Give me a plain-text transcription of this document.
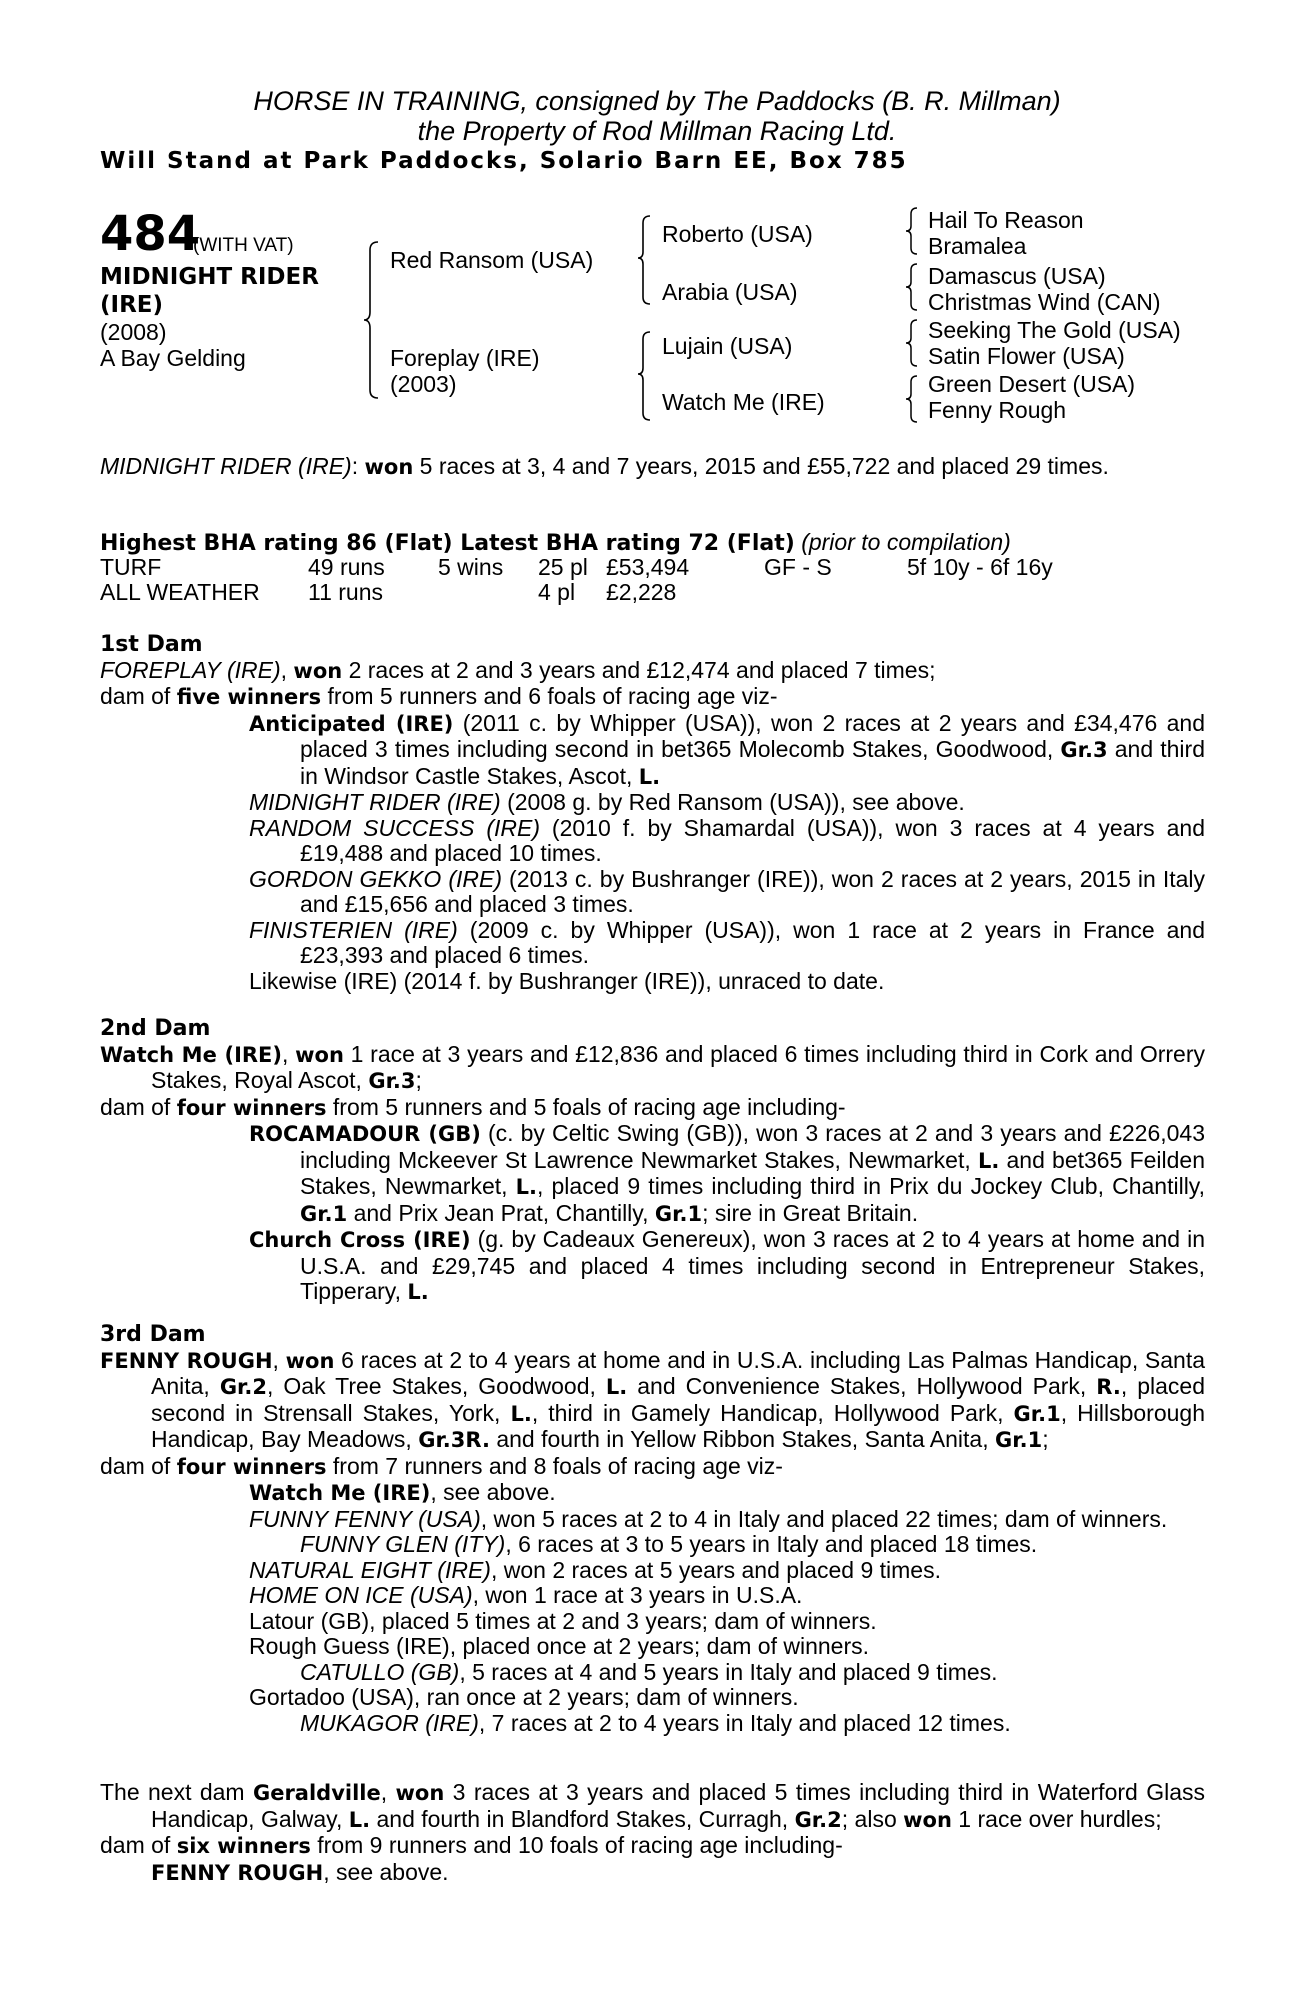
HORSE IN TRAINING, consigned by The Paddocks (B. R. Millman)
the Property of Rod Millman Racing Ltd.
Will Stand at Park Paddocks, Solario Barn EE, Box 785
484
(WITH VAT)
MIDNIGHT RIDER
(IRE)
(2008)
A Bay Gelding
Red Ransom (USA)
Foreplay (IRE)
(2003)
Roberto (USA)
Arabia (USA)
Lujain (USA)
Watch Me (IRE)
Hail To Reason
Bramalea
Damascus (USA)
Christmas Wind (CAN)
Seeking The Gold (USA)
Satin Flower (USA)
Green Desert (USA)
Fenny Rough

MIDNIGHT RIDER (IRE): won 5 races at 3, 4 and 7 years, 2015 and £55,722 and placed 29 times.

Highest BHA rating 86 (Flat) Latest BHA rating 72 (Flat) (prior to compilation)
TURF	49 runs	5 wins	25 pl	£53,494	GF - S	5f 10y - 6f 16y
ALL WEATHER	11 runs		4 pl	£2,228		

1st Dam

FOREPLAY (IRE), won 2 races at 2 and 3 years and £12,474 and placed 7 times;

dam of five winners from 5 runners and 6 foals of racing age viz-

Anticipated (IRE) (2011 c. by Whipper (USA)), won 2 races at 2 years and £34,476 and placed 3 times including second in bet365 Molecomb Stakes, Goodwood, Gr.3 and third in Windsor Castle Stakes, Ascot, L.

MIDNIGHT RIDER (IRE) (2008 g. by Red Ransom (USA)), see above.

RANDOM SUCCESS (IRE) (2010 f. by Shamardal (USA)), won 3 races at 4 years and £19,488 and placed 10 times.

GORDON GEKKO (IRE) (2013 c. by Bushranger (IRE)), won 2 races at 2 years, 2015 in Italy and £15,656 and placed 3 times.

FINISTERIEN (IRE) (2009 c. by Whipper (USA)), won 1 race at 2 years in France and £23,393 and placed 6 times.

Likewise (IRE) (2014 f. by Bushranger (IRE)), unraced to date.

2nd Dam

Watch Me (IRE), won 1 race at 3 years and £12,836 and placed 6 times including third in Cork and Orrery Stakes, Royal Ascot, Gr.3;

dam of four winners from 5 runners and 5 foals of racing age including-

ROCAMADOUR (GB) (c. by Celtic Swing (GB)), won 3 races at 2 and 3 years and £226,043 including Mckeever St Lawrence Newmarket Stakes, Newmarket, L. and bet365 Feilden Stakes, Newmarket, L., placed 9 times including third in Prix du Jockey Club, Chantilly, Gr.1 and Prix Jean Prat, Chantilly, Gr.1; sire in Great Britain.

Church Cross (IRE) (g. by Cadeaux Genereux), won 3 races at 2 to 4 years at home and in U.S.A. and £29,745 and placed 4 times including second in Entrepreneur Stakes, Tipperary, L.

3rd Dam

FENNY ROUGH, won 6 races at 2 to 4 years at home and in U.S.A. including Las Palmas Handicap, Santa Anita, Gr.2, Oak Tree Stakes, Goodwood, L. and Convenience Stakes, Hollywood Park, R., placed second in Strensall Stakes, York, L., third in Gamely Handicap, Hollywood Park, Gr.1, Hillsborough Handicap, Bay Meadows, Gr.3R. and fourth in Yellow Ribbon Stakes, Santa Anita, Gr.1;

dam of four winners from 7 runners and 8 foals of racing age viz-

Watch Me (IRE), see above.

FUNNY FENNY (USA), won 5 races at 2 to 4 in Italy and placed 22 times; dam of winners.

FUNNY GLEN (ITY), 6 races at 3 to 5 years in Italy and placed 18 times.

NATURAL EIGHT (IRE), won 2 races at 5 years and placed 9 times.

HOME ON ICE (USA), won 1 race at 3 years in U.S.A.

Latour (GB), placed 5 times at 2 and 3 years; dam of winners.

Rough Guess (IRE), placed once at 2 years; dam of winners.

CATULLO (GB), 5 races at 4 and 5 years in Italy and placed 9 times.

Gortadoo (USA), ran once at 2 years; dam of winners.

MUKAGOR (IRE), 7 races at 2 to 4 years in Italy and placed 12 times.

The next dam Geraldville, won 3 races at 3 years and placed 5 times including third in Waterford Glass Handicap, Galway, L. and fourth in Blandford Stakes, Curragh, Gr.2; also won 1 race over hurdles;

dam of six winners from 9 runners and 10 foals of racing age including-

FENNY ROUGH, see above.
